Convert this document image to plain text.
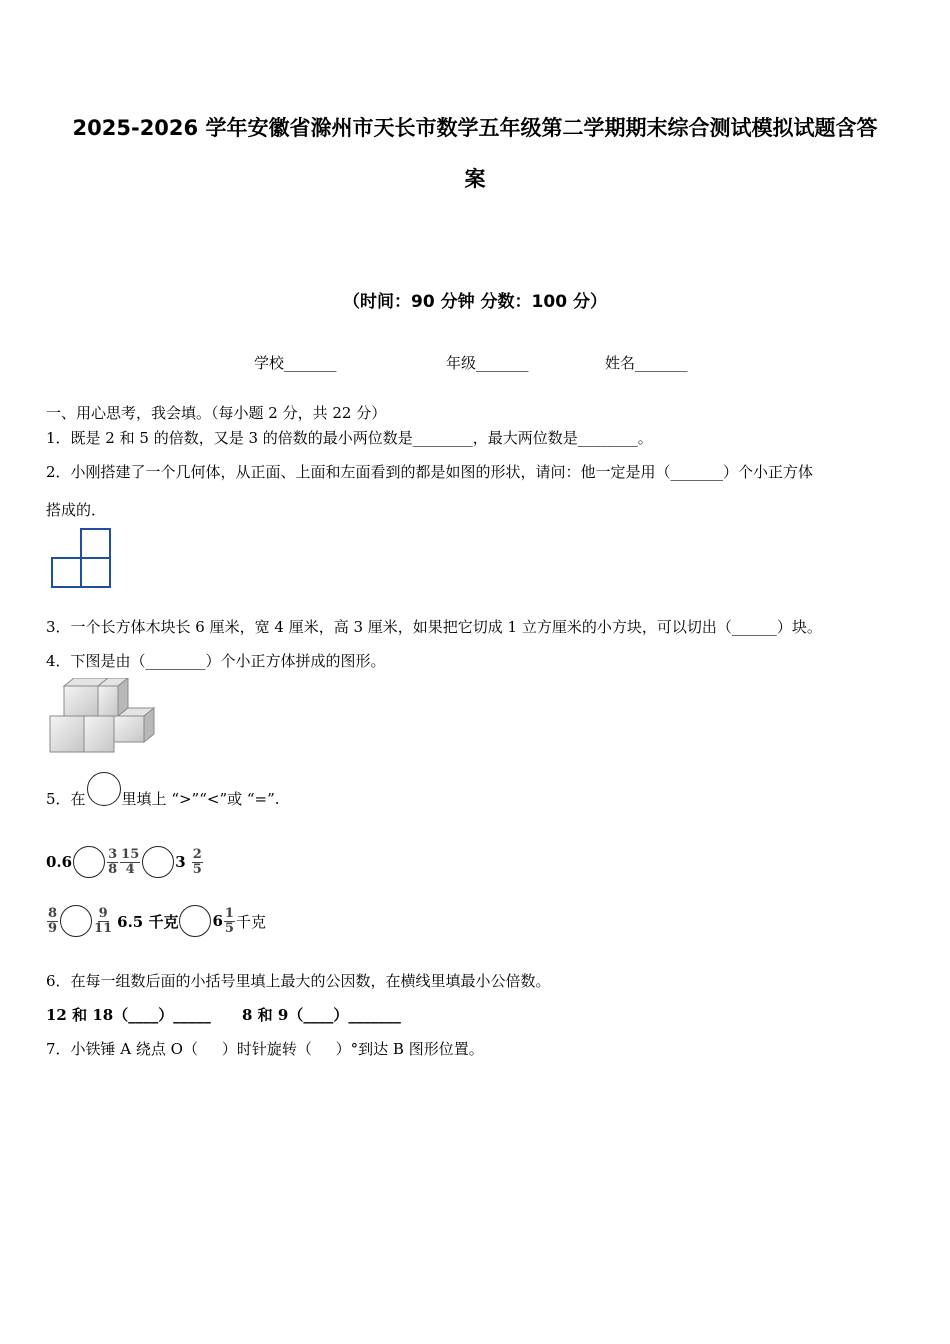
2025-2026 学年安徽省滁州市天长市数学五年级第二学期期末综合测试模拟试题含答
案
（时间：90 分钟 分数：100 分）
学校_______	年级_______	姓名_______
一、用心思考，我会填。（每小题 2 分，共 22 分）
1．既是 2 和 5 的倍数，又是 3 的倍数的最小两位数是________，最大两位数是________。
2．小刚搭建了一个几何体，从正面、上面和左面看到的都是如图的形状，请问：他一定是用（_______）个小正方体
搭成的．
3．一个长方体木块长 6 厘米，宽 4 厘米，高 3 厘米，如果把它切成 1 立方厘米的小方块，可以切出（______）块。
4．下图是由（________）个小正方体拼成的图形。
5．在 里填上 “>”“<”或 “=”.
0.6	$\frac{3}{8} \frac{15}{4} 3 \frac{2}{5}$
$\frac{8}{9}$	$\frac{9}{11} 6.5$ 千克 $6 \frac{1}{5}$ 千克
6．在每一组数后面的小括号里填上最大的公因数，在横线里填最小公倍数。
12 和 18（____）_____      8 和 9（____）_______
7．小铁锤 A 绕点 O（     ）时针旋转（     ）°到达 B 图形位置。
